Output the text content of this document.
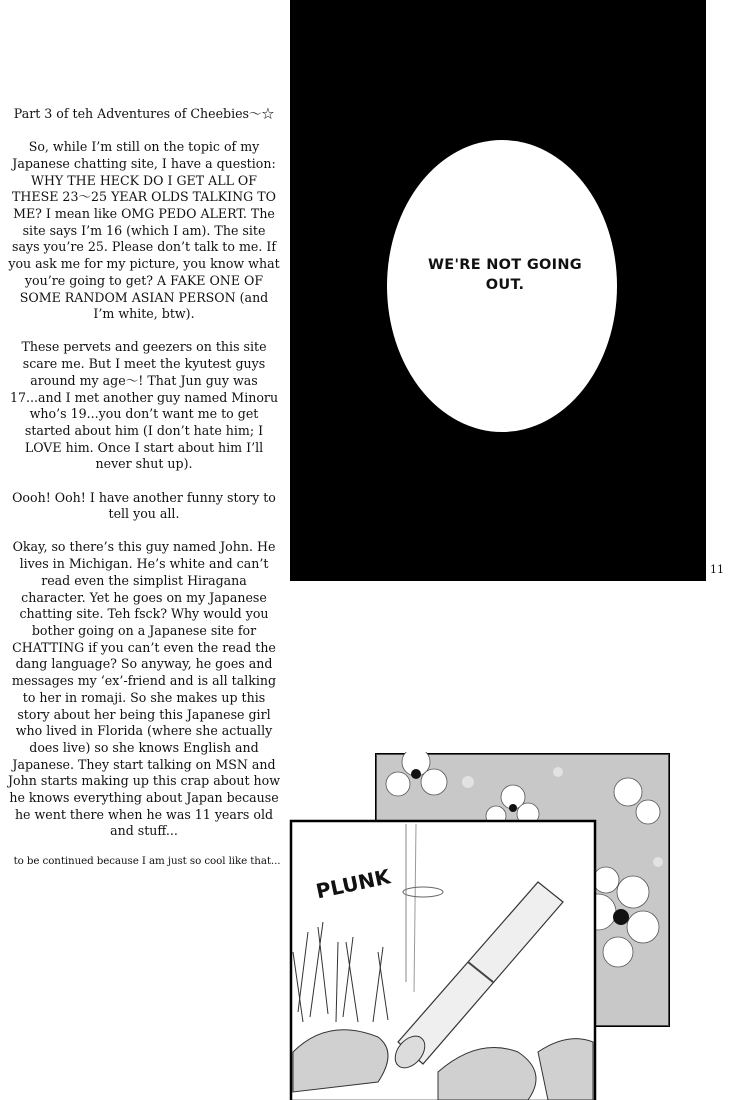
Part 3 of teh Adventures of Cheebies～☆

So, while I’m still on the topic of my Japanese chatting site, I have a question: WHY THE HECK DO I GET ALL OF THESE 23～25 YEAR OLDS TALKING TO ME? I mean like OMG PEDO ALERT. The site says I’m 16 (which I am). The site says you’re 25. Please don’t talk to me. If you ask me for my picture, you know what you’re going to get? A FAKE ONE OF SOME RANDOM ASIAN PERSON (and I’m white, btw).

These pervets and geezers on this site scare me. But I meet the kyutest guys around my age～! That Jun guy was 17...and I met another guy named Minoru who’s 19...you don’t want me to get started about him (I don’t hate him; I LOVE him. Once I start about him I’ll never shut up).

Oooh! Ooh! I have another funny story to tell you all.

Okay, so there’s this guy named John. He lives in Michigan. He’s white and can’t read even the simplist Hiragana character. Yet he goes on my Japanese chatting site. Teh fsck? Why would you bother going on a Japanese site for CHATTING if you can’t even the read the dang language? So anyway, he goes and messages my ‘ex’-friend and is all talking to her in romaji. So she makes up this story about her being this Japanese girl who lived in Florida (where she actually does live) so she knows English and Japanese. They start talking on MSN and John starts making up this crap about how he knows everything about Japan because he went there when he was 11 years old and stuff...

to be continued because I am just so cool like that...
WE'RE NOT GOING OUT.
11
PLUNK
